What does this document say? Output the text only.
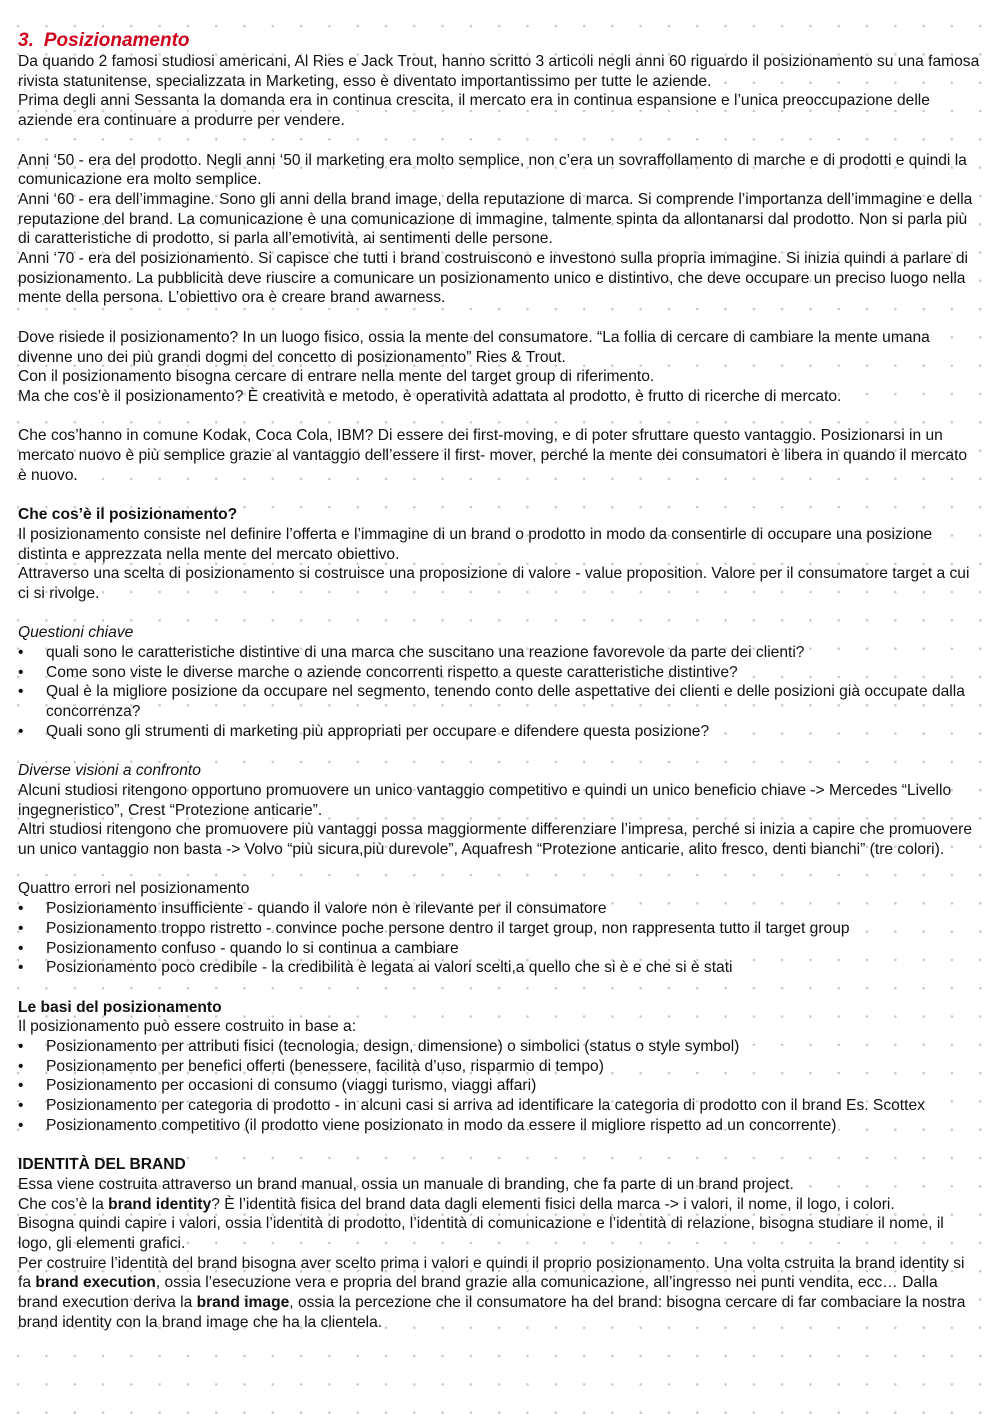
3. Posizionamento

Da quando 2 famosi studiosi americani, Al Ries e Jack Trout, hanno scritto 3 articoli negli anni 60 riguardo il posizionamento su una famosa rivista statunitense, specializzata in Marketing, esso è diventato importantissimo per tutte le aziende.

Prima degli anni Sessanta la domanda era in continua crescita, il mercato era in continua espansione e l’unica preoccupazione delle aziende era continuare a produrre per vendere.

Anni ‘50 - era del prodotto. Negli anni ‘50 il marketing era molto semplice, non c’era un sovraffollamento di marche e di prodotti e quindi la comunicazione era molto semplice.

Anni ‘60 - era dell’immagine. Sono gli anni della brand image, della reputazione di marca. Si comprende l’importanza dell’immagine e della reputazione del brand. La comunicazione è una comunicazione di immagine, talmente spinta da allontanarsi dal prodotto. Non si parla più di caratteristiche di prodotto, si parla all’emotività, ai sentimenti delle persone.

Anni ‘70 - era del posizionamento. Si capisce che tutti i brand costruiscono e investono sulla propria immagine. Si inizia quindi a parlare di posizionamento. La pubblicità deve riuscire a comunicare un posizionamento unico e distintivo, che deve occupare un preciso luogo nella mente della persona. L’obiettivo ora è creare brand awarness.

Dove risiede il posizionamento? In un luogo fisico, ossia la mente del consumatore. “La follia di cercare di cambiare la mente umana divenne uno dei più grandi dogmi del concetto di posizionamento” Ries & Trout.

Con il posizionamento bisogna cercare di entrare nella mente del target group di riferimento.

Ma che cos’è il posizionamento? È creatività e metodo, è operatività adattata al prodotto, è frutto di ricerche di mercato.

Che cos’hanno in comune Kodak, Coca Cola, IBM? Di essere dei first-moving, e di poter sfruttare questo vantaggio. Posizionarsi in un mercato nuovo è più semplice grazie al vantaggio dell’essere il first- mover, perché la mente dei consumatori è libera in quando il mercato è nuovo.

Che cos’è il posizionamento?

Il posizionamento consiste nel definire l’offerta e l’immagine di un brand o prodotto in modo da consentirle di occupare una posizione distinta e apprezzata nella mente del mercato obiettivo.

Attraverso una scelta di posizionamento si costruisce una proposizione di valore - value proposition. Valore per il consumatore target a cui ci si rivolge.

Questioni chiave

• quali sono le caratteristiche distintive di una marca che suscitano una reazione favorevole da parte dei clienti?
• Come sono viste le diverse marche o aziende concorrenti rispetto a queste caratteristiche distintive?
• Qual è la migliore posizione da occupare nel segmento, tenendo conto delle aspettative dei clienti e delle posizioni già occupate dalla concorrenza?
• Quali sono gli strumenti di marketing più appropriati per occupare e difendere questa posizione?

Diverse visioni a confronto

Alcuni studiosi ritengono opportuno promuovere un unico vantaggio competitivo e quindi un unico beneficio chiave -> Mercedes “Livello ingegneristico”, Crest “Protezione anticarie”.

Altri studiosi ritengono che promuovere più vantaggi possa maggiormente differenziare l’impresa, perché si inizia a capire che promuovere un unico vantaggio non basta -> Volvo “più sicura,più durevole”, Aquafresh “Protezione anticarie, alito fresco, denti bianchi” (tre colori).

Quattro errori nel posizionamento

• Posizionamento insufficiente - quando il valore non è rilevante per il consumatore
• Posizionamento troppo ristretto - convince poche persone dentro il target group, non rappresenta tutto il target group
• Posizionamento confuso - quando lo si continua a cambiare
• Posizionamento poco credibile - la credibilità è legata ai valori scelti,a quello che si è e che si è stati

Le basi del posizionamento

Il posizionamento può essere costruito in base a:

• Posizionamento per attributi fisici (tecnologia, design, dimensione) o simbolici (status o style symbol)
• Posizionamento per benefici offerti (benessere, facilità d’uso, risparmio di tempo)
• Posizionamento per occasioni di consumo (viaggi turismo, viaggi affari)
• Posizionamento per categoria di prodotto - in alcuni casi si arriva ad identificare la categoria di prodotto con il brand Es. Scottex
• Posizionamento competitivo (il prodotto viene posizionato in modo da essere il migliore rispetto ad un concorrente)

IDENTITÀ DEL BRAND

Essa viene costruita attraverso un brand manual, ossia un manuale di branding, che fa parte di un brand project.

Che cos’è la brand identity? È l’identità fisica del brand data dagli elementi fisici della marca -> i valori, il nome, il logo, i colori.

Bisogna quindi capire i valori, ossia l’identità di prodotto, l’identità di comunicazione e l’identità di relazione, bisogna studiare il nome, il logo, gli elementi grafici.

Per costruire l’identità del brand bisogna aver scelto prima i valori e quindi il proprio posizionamento. Una volta cstruita la brand identity si fa brand execution, ossia l’esecuzione vera e propria del brand grazie alla comunicazione, all’ingresso nei punti vendita, ecc… Dalla brand execution deriva la brand image, ossia la percezione che il consumatore ha del brand: bisogna cercare di far combaciare la nostra brand identity con la brand image che ha la clientela.
